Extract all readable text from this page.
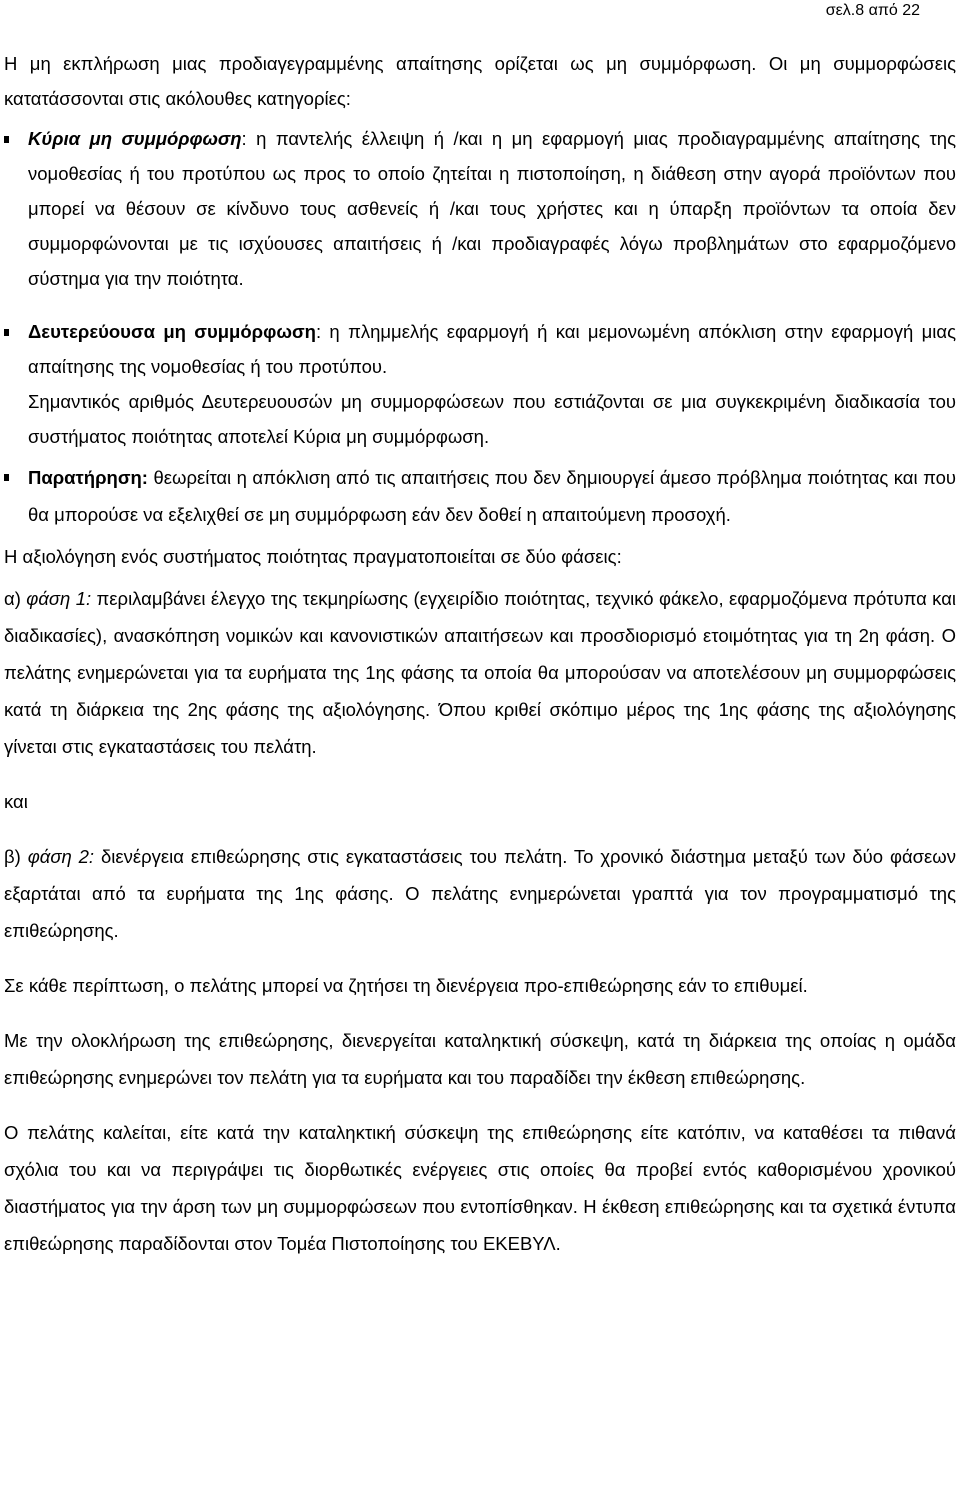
σελ.8 από 22

Η μη εκπλήρωση μιας προδιαγεγραμμένης απαίτησης ορίζεται ως μη συμμόρφωση. Οι μη συμμορφώσεις κατατάσσονται στις ακόλουθες κατηγορίες:

Κύρια μη συμμόρφωση: η παντελής έλλειψη ή /και η μη εφαρμογή μιας προδιαγραμμένης απαίτησης της νομοθεσίας ή του προτύπου ως προς το οποίο ζητείται η πιστοποίηση, η διάθεση στην αγορά προϊόντων που μπορεί να θέσουν σε κίνδυνο τους ασθενείς ή /και τους χρήστες και η ύπαρξη προϊόντων τα οποία δεν συμμορφώνονται με τις ισχύουσες απαιτήσεις ή /και προδιαγραφές λόγω προβλημάτων στο εφαρμοζόμενο σύστημα για την ποιότητα.

Δευτερεύουσα μη συμμόρφωση: η πλημμελής εφαρμογή ή και μεμονωμένη απόκλιση στην εφαρμογή μιας απαίτησης της νομοθεσίας ή του προτύπου.

Σημαντικός αριθμός Δευτερευουσών μη συμμορφώσεων που εστιάζονται σε μια συγκεκριμένη διαδικασία του συστήματος ποιότητας αποτελεί Κύρια μη συμμόρφωση.

Παρατήρηση: θεωρείται η απόκλιση από τις απαιτήσεις που δεν δημιουργεί άμεσο πρόβλημα ποιότητας και που θα μπορούσε να εξελιχθεί σε μη συμμόρφωση εάν δεν δοθεί η απαιτούμενη προσοχή.

Η αξιολόγηση ενός συστήματος ποιότητας πραγματοποιείται σε δύο φάσεις:

α) φάση 1: περιλαμβάνει έλεγχο της τεκμηρίωσης (εγχειρίδιο ποιότητας, τεχνικό φάκελο, εφαρμοζόμενα πρότυπα και διαδικασίες), ανασκόπηση νομικών και κανονιστικών απαιτήσεων και προσδιορισμό ετοιμότητας για τη 2η φάση. Ο πελάτης ενημερώνεται για τα ευρήματα της 1ης φάσης τα οποία θα μπορούσαν να αποτελέσουν μη συμμορφώσεις κατά τη διάρκεια της 2ης φάσης της αξιολόγησης. Όπου κριθεί σκόπιμο μέρος της 1ης φάσης της αξιολόγησης γίνεται στις εγκαταστάσεις του πελάτη.

και

β) φάση 2: διενέργεια επιθεώρησης στις εγκαταστάσεις του πελάτη. Το χρονικό διάστημα μεταξύ των δύο φάσεων εξαρτάται από τα ευρήματα της 1ης φάσης. Ο πελάτης ενημερώνεται γραπτά για τον προγραμματισμό της επιθεώρησης.

Σε κάθε περίπτωση, ο πελάτης μπορεί να ζητήσει τη διενέργεια προ-επιθεώρησης εάν το επιθυμεί.

Με την ολοκλήρωση της επιθεώρησης, διενεργείται καταληκτική σύσκεψη, κατά τη διάρκεια της οποίας η ομάδα επιθεώρησης ενημερώνει τον πελάτη για τα ευρήματα και του παραδίδει την έκθεση επιθεώρησης.

Ο πελάτης καλείται, είτε κατά την καταληκτική σύσκεψη της επιθεώρησης είτε κατόπιν, να καταθέσει τα πιθανά σχόλια του και να περιγράψει τις διορθωτικές ενέργειες στις οποίες θα προβεί εντός καθορισμένου χρονικού διαστήματος για την άρση των μη συμμορφώσεων που εντοπίσθηκαν. Η έκθεση επιθεώρησης και τα σχετικά έντυπα επιθεώρησης παραδίδονται στον Τομέα Πιστοποίησης του ΕΚΕΒΥΛ.
